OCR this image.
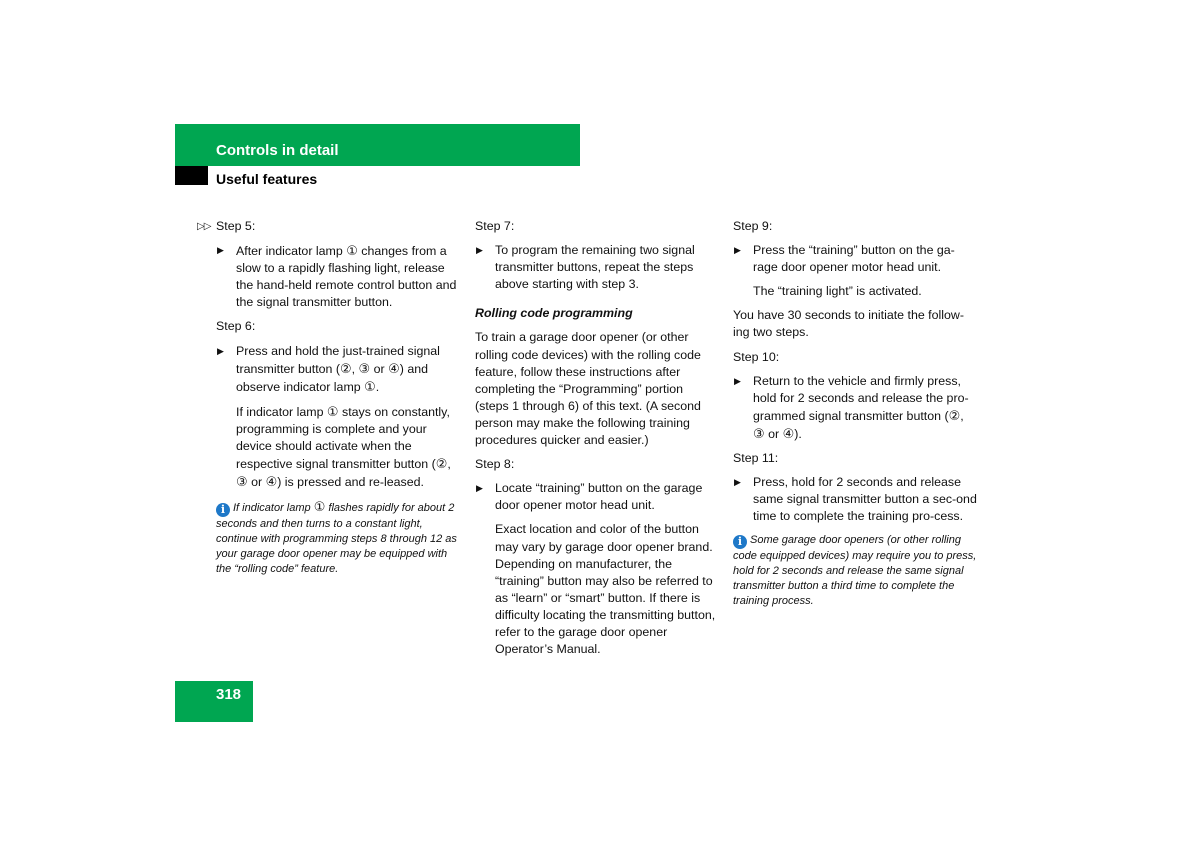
Controls in detail
Useful features

▷▷ Step 5:

▶ After indicator lamp ① changes from a slow to a rapidly flashing light, release the hand-held remote control button and the signal transmitter button.

Step 6:

▶ Press and hold the just-trained signal transmitter button (②, ③ or ④) and observe indicator lamp ①.

If indicator lamp ① stays on constantly, programming is complete and your device should activate when the respective signal transmitter button (②, ③ or ④) is pressed and re-leased.

i If indicator lamp ① flashes rapidly for about 2 seconds and then turns to a constant light, continue with programming steps 8 through 12 as your garage door opener may be equipped with the “rolling code” feature.

Step 7:

▶ To program the remaining two signal transmitter buttons, repeat the steps above starting with step 3.

Rolling code programming

To train a garage door opener (or other rolling code devices) with the rolling code feature, follow these instructions after completing the “Programming” portion (steps 1 through 6) of this text. (A second person may make the following training procedures quicker and easier.)

Step 8:

▶ Locate “training” button on the garage door opener motor head unit.

Exact location and color of the button may vary by garage door opener brand. Depending on manufacturer, the “training” button may also be referred to as “learn” or “smart” button. If there is difficulty locating the transmitting button, refer to the garage door opener Operator’s Manual.

Step 9:

▶ Press the “training” button on the ga-rage door opener motor head unit.

The “training light” is activated.

You have 30 seconds to initiate the follow-ing two steps.

Step 10:

▶ Return to the vehicle and firmly press, hold for 2 seconds and release the pro-grammed signal transmitter button (②, ③ or ④).

Step 11:

▶ Press, hold for 2 seconds and release same signal transmitter button a sec-ond time to complete the training pro-cess.

i Some garage door openers (or other rolling code equipped devices) may require you to press, hold for 2 seconds and release the same signal transmitter button a third time to complete the training process.

318
